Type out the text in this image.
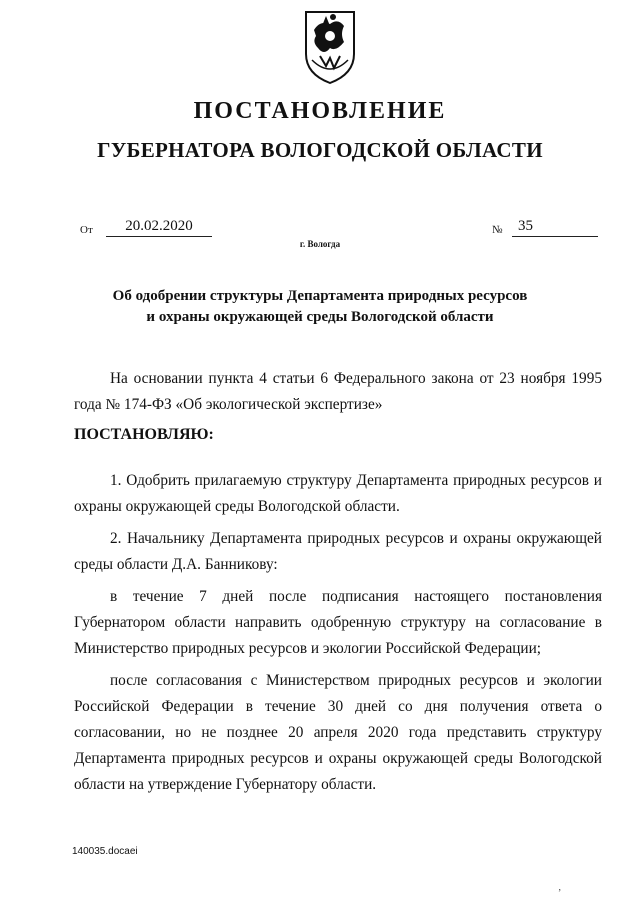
ПОСТАНОВЛЕНИЕ
ГУБЕРНАТОРА ВОЛОГОДСКОЙ ОБЛАСТИ
От	20.02.2020	№	35
г. Вологда
Об одобрении структуры Департамента природных ресурсов
и охраны окружающей среды Вологодской области

На основании пункта 4 статьи 6 Федерального закона от 23 ноября 1995 года № 174-ФЗ «Об экологической экспертизе»

ПОСТАНОВЛЯЮ:

1. Одобрить прилагаемую структуру Департамента природных ресурсов и охраны окружающей среды Вологодской области.

2. Начальнику Департамента природных ресурсов и охраны окружающей среды области Д.А. Банникову:

в течение 7 дней после подписания настоящего постановления Губернатором области направить одобренную структуру на согласование в Министерство природных ресурсов и экологии Российской Федерации;

после согласования с Министерством природных ресурсов и экологии Российской Федерации в течение 30 дней со дня получения ответа о согласовании, но не позднее 20 апреля 2020 года представить структуру Департамента природных ресурсов и охраны окружающей среды Вологодской области на утверждение Губернатору области.

140035.docaei
‚
